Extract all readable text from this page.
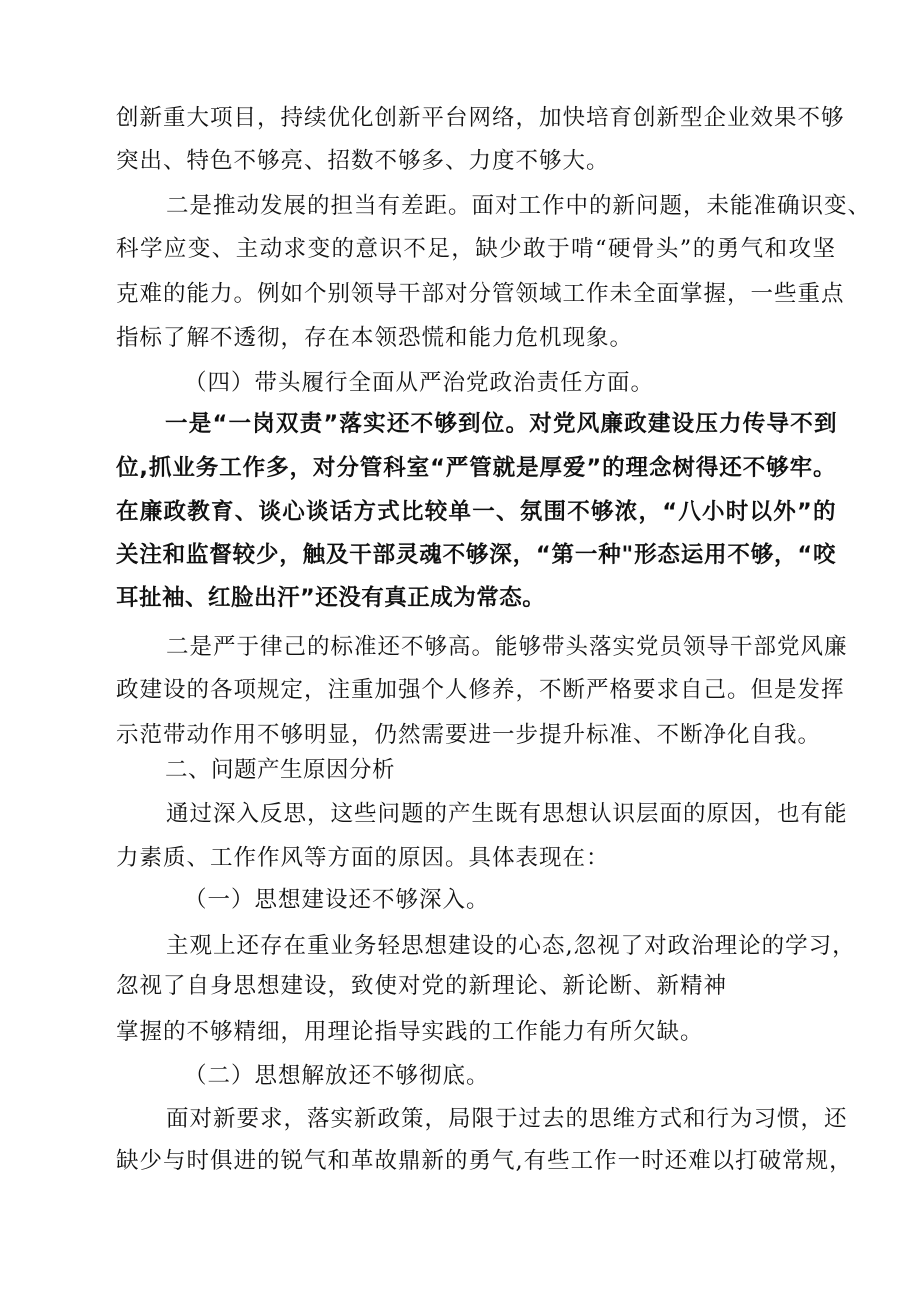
创新重大项目，持续优化创新平台网络，加快培育创新型企业效果不够
突出、特色不够亮、招数不够多、力度不够大。
二是推动发展的担当有差距。面对工作中的新问题，未能准确识变、
科学应变、主动求变的意识不足，缺少敢于啃“硬骨头”的勇气和攻坚
克难的能力。例如个别领导干部对分管领域工作未全面掌握，一些重点
指标了解不透彻，存在本领恐慌和能力危机现象。
（四）带头履行全面从严治党政治责任方面。
一是“一岗双责”落实还不够到位。对党风廉政建设压力传导不到
位,抓业务工作多，对分管科室“严管就是厚爱”的理念树得还不够牢。
在廉政教育、谈心谈话方式比较单一、氛围不够浓，“八小时以外”的
关注和监督较少，触及干部灵魂不够深，“第一种"形态运用不够，“咬
耳扯袖、红脸出汗”还没有真正成为常态。
二是严于律己的标准还不够高。能够带头落实党员领导干部党风廉
政建设的各项规定，注重加强个人修养，不断严格要求自己。但是发挥
示范带动作用不够明显，仍然需要进一步提升标准、不断净化自我。
二、问题产生原因分析
通过深入反思，这些问题的产生既有思想认识层面的原因，也有能
力素质、工作作风等方面的原因。具体表现在：
（一）思想建设还不够深入。
主观上还存在重业务轻思想建设的心态,忽视了对政治理论的学习，
忽视了自身思想建设，致使对党的新理论、新论断、新精神
掌握的不够精细，用理论指导实践的工作能力有所欠缺。
（二）思想解放还不够彻底。
面对新要求，落实新政策，局限于过去的思维方式和行为习惯，还
缺少与时俱进的锐气和革故鼎新的勇气,有些工作一时还难以打破常规，
